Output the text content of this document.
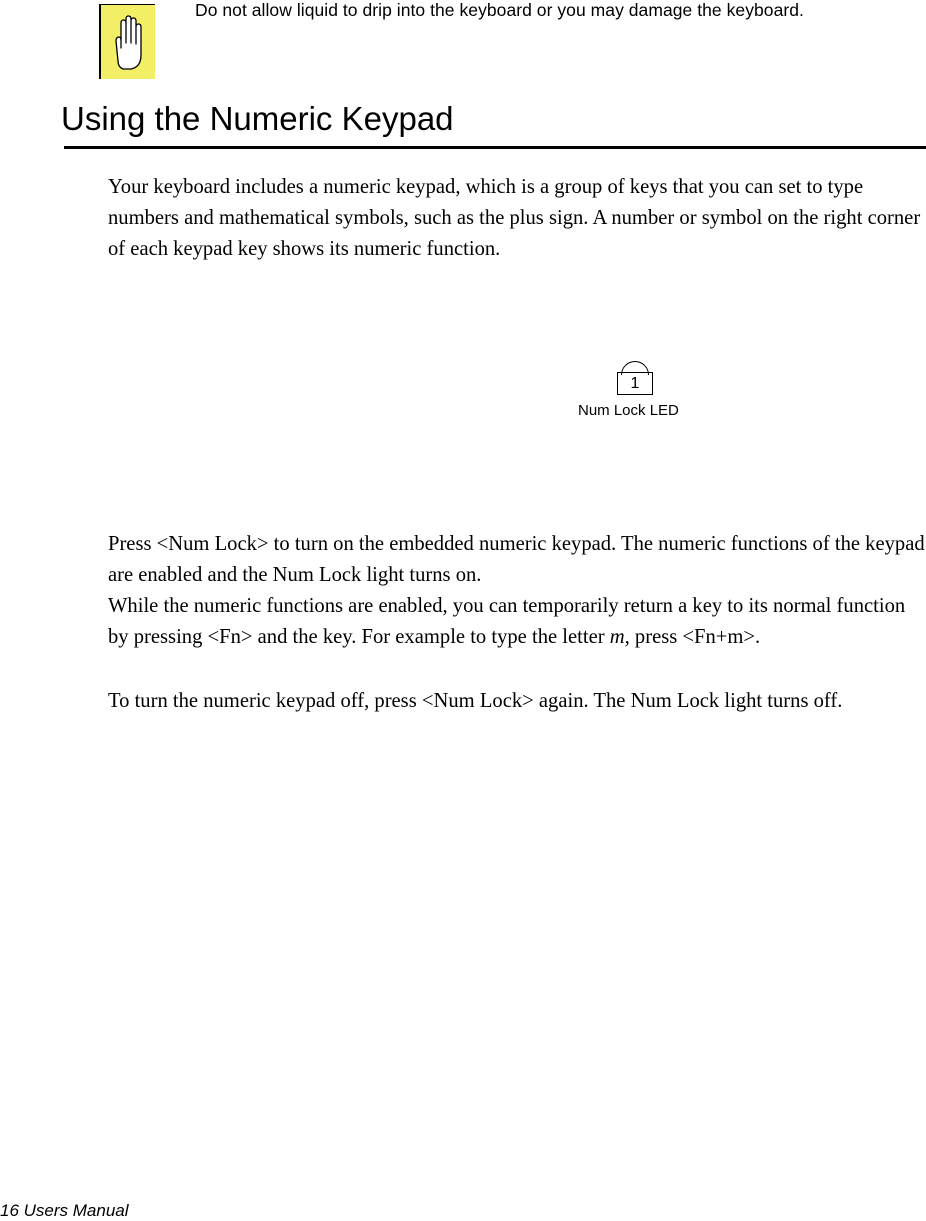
Do not allow liquid to drip into the keyboard or you may damage the keyboard.
Using the Numeric Keypad

Your keyboard includes a numeric keypad, which is a group of keys that you can set to type numbers and mathematical symbols, such as the plus sign. A number or symbol on the right corner of each keypad key shows its numeric function.

1
Num Lock LED

Press <Num Lock> to turn on the embedded numeric keypad. The numeric functions of the keypad are enabled and the Num Lock light turns on.

While the numeric functions are enabled, you can temporarily return a key to its normal function by pressing <Fn> and the key. For example to type the letter m, press <Fn+m>.

To turn the numeric keypad off, press <Num Lock> again. The Num Lock light turns off.

16 Users Manual
